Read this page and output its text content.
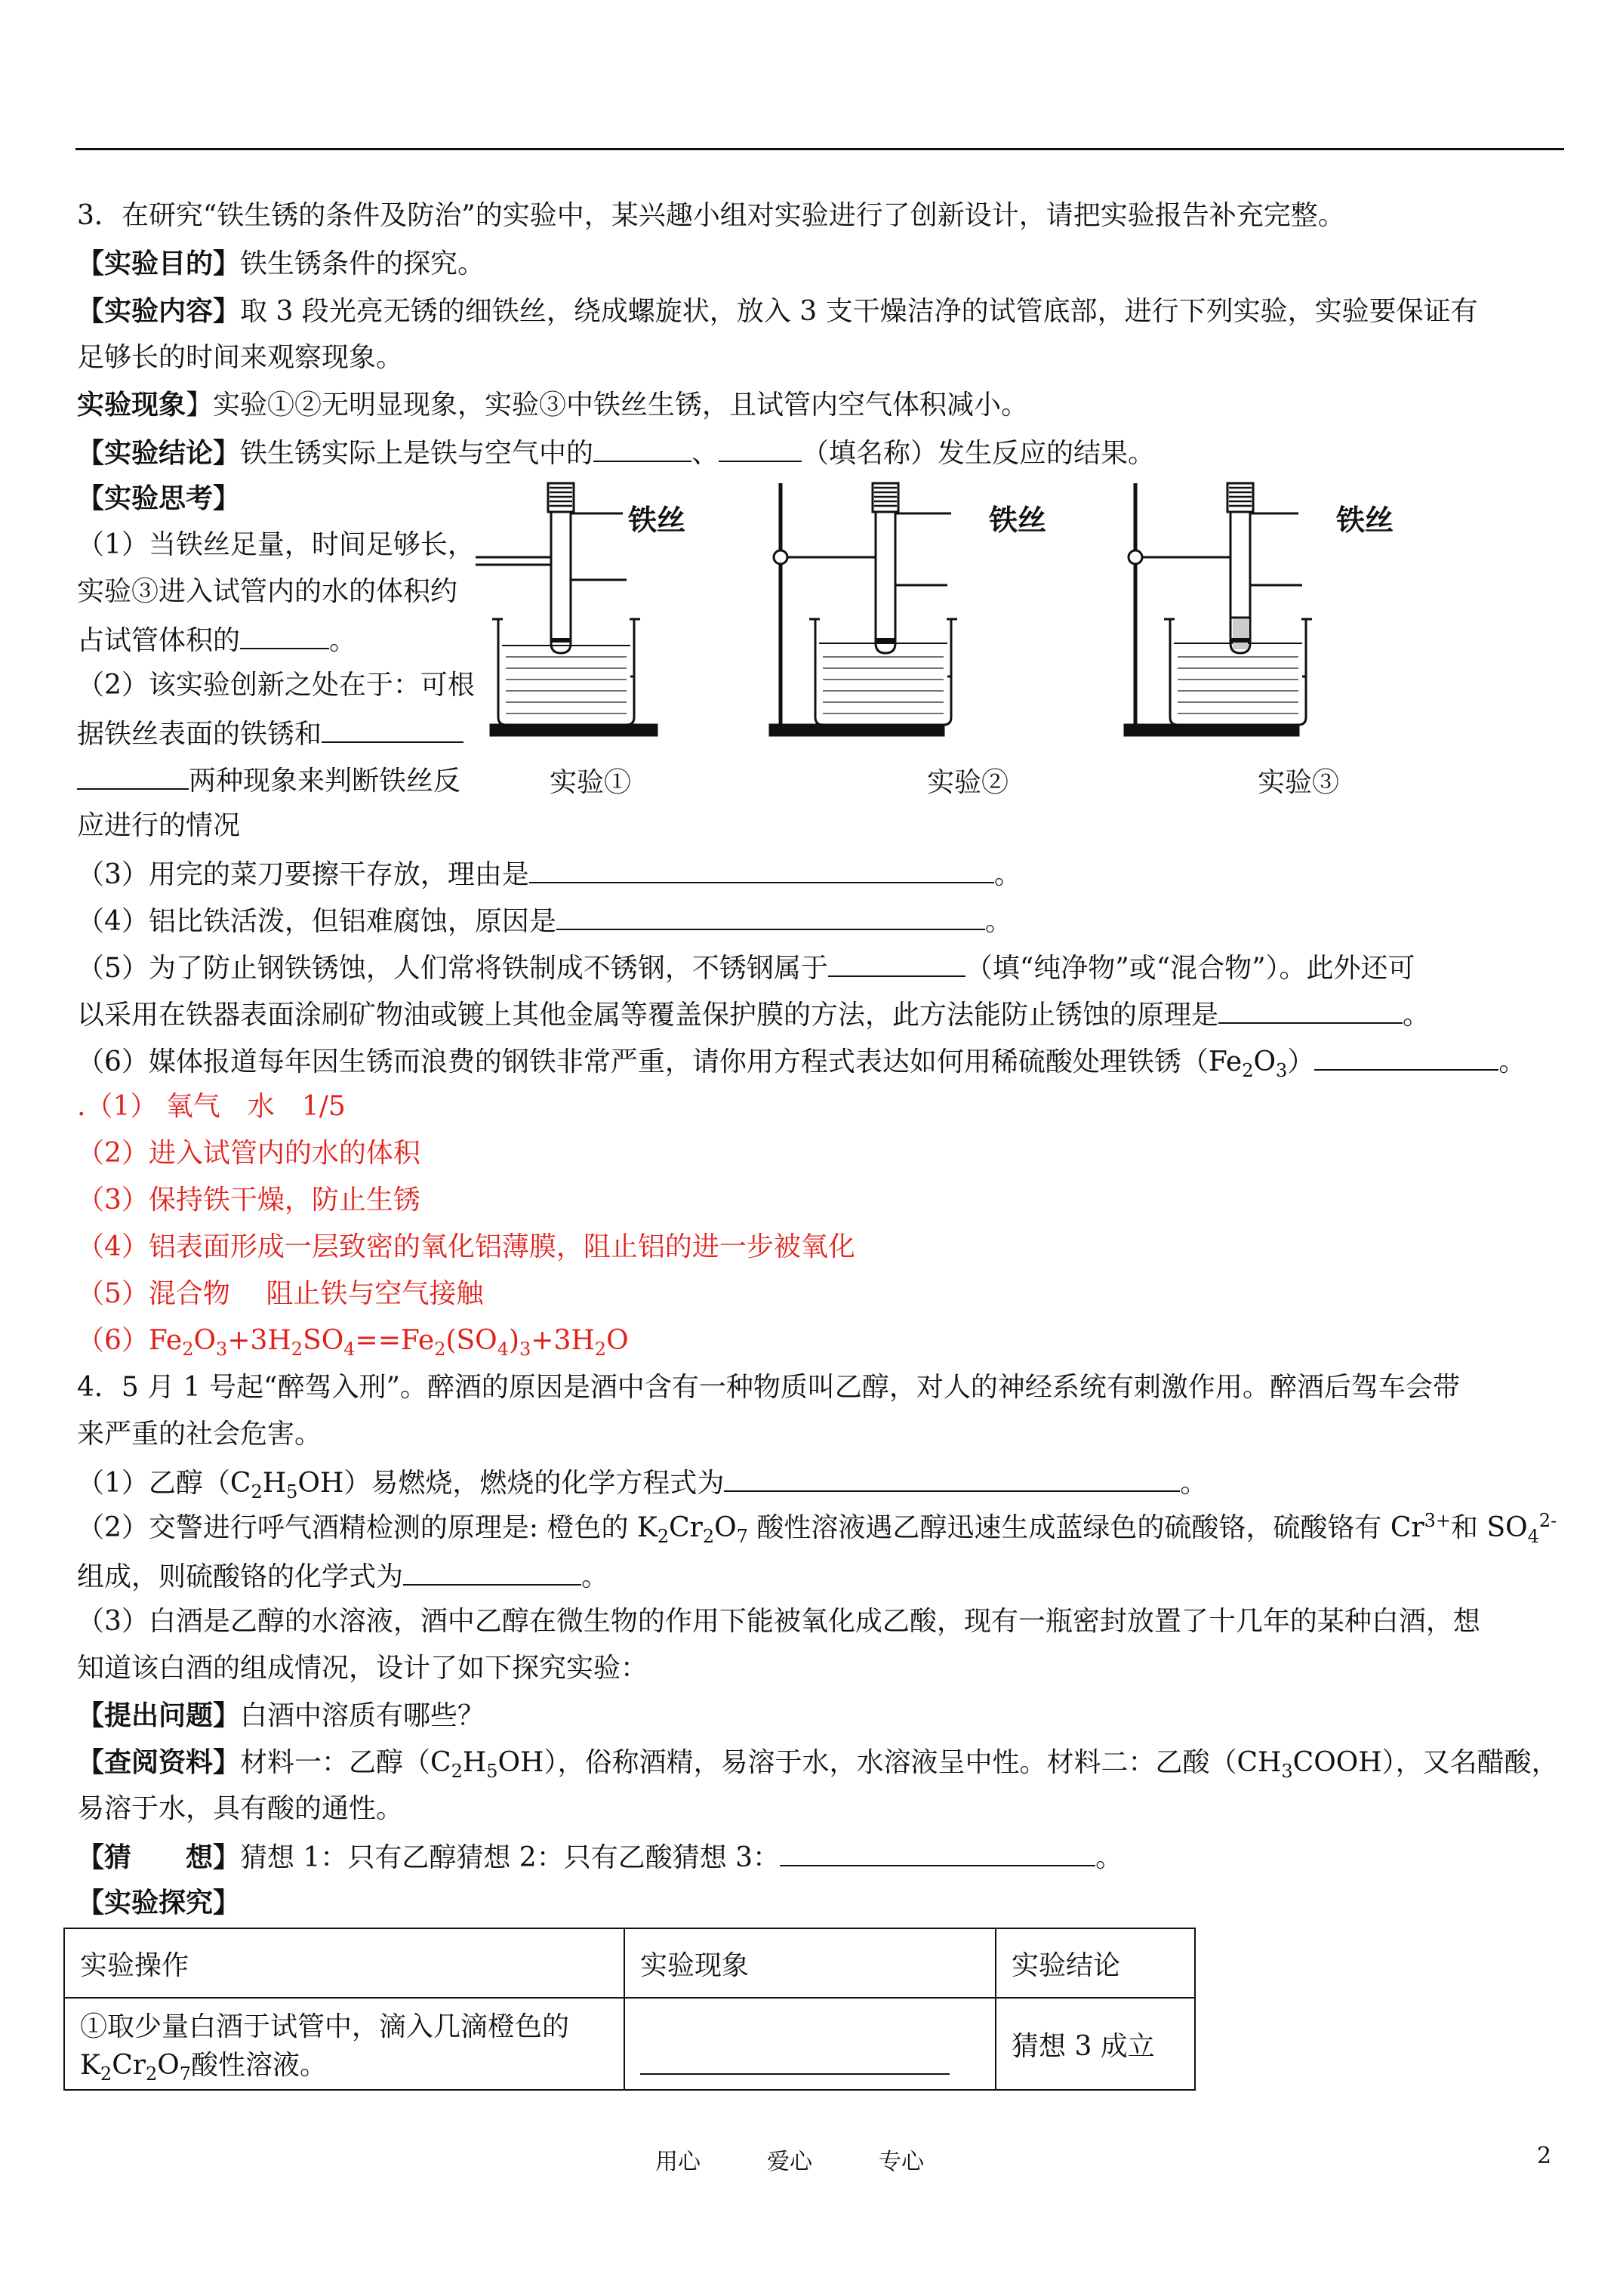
3．在研究“铁生锈的条件及防治”的实验中，某兴趣小组对实验进行了创新设计，请把实验报告补充完整。
【实验目的】铁生锈条件的探究。
【实验内容】取 3 段光亮无锈的细铁丝，绕成螺旋状，放入 3 支干燥洁净的试管底部，进行下列实验，实验要保证有
足够长的时间来观察现象。
实验现象】实验①②无明显现象，实验③中铁丝生锈，且试管内空气体积减小。
【实验结论】铁生锈实际上是铁与空气中的	、	（填名称）发生反应的结果。
【实验思考】
（1）当铁丝足量，时间足够长，
实验③进入试管内的水的体积约
占试管体积的	。
（2）该实验创新之处在于：可根
据铁丝表面的铁锈和
两种现象来判断铁丝反
应进行的情况
铁丝	铁丝	铁丝
实验①	实验②	实验③
（3）用完的菜刀要擦干存放，理由是	。
（4）铝比铁活泼，但铝难腐蚀，原因是	。
（5）为了防止钢铁锈蚀，人们常将铁制成不锈钢，不锈钢属于	（填“纯净物”或“混合物”）。此外还可
以采用在铁器表面涂刷矿物油或镀上其他金属等覆盖保护膜的方法，此方法能防止锈蚀的原理是	。
（6）媒体报道每年因生锈而浪费的钢铁非常严重，请你用方程式表达如何用稀硫酸处理铁锈$(Fe_2O_3)$	。
.（1） 氧气　水　1/5
（2）进入试管内的水的体积
（3）保持铁干燥，防止生锈
（4）铝表面形成一层致密的氧化铝薄膜，阻止铝的进一步被氧化
（5）混合物　 阻止铁与空气接触
$(6)Fe_2O_3+3H_2SO_4==Fe_2(SO_4)_3+3H_2O$
4．5 月 1 号起“醉驾入刑”。醉酒的原因是酒中含有一种物质叫乙醇，对人的神经系统有刺激作用。醉酒后驾车会带
来严重的社会危害。
（1）乙醇$(C_2H_5OH)$易燃烧，燃烧的化学方程式为	。
（2）交警进行呼气酒精检测的原理是: 橙色的 $K_2Cr_2O_7$ 酸性溶液遇乙醇迅速生成蓝绿色的硫酸铬，硫酸铬有 $Cr^{3+}$和 $SO_4^{2-}$
组成，则硫酸铬的化学式为	。
（3）白酒是乙醇的水溶液，酒中乙醇在微生物的作用下能被氧化成乙酸，现有一瓶密封放置了十几年的某种白酒，想
知道该白酒的组成情况，设计了如下探究实验：
【提出问题】白酒中溶质有哪些？
【查阅资料】材料一：乙醇$(C_2H_5OH)$，俗称酒精，易溶于水，水溶液呈中性。材料二：乙酸$(CH_3COOH)$，又名醋酸，
易溶于水，具有酸的通性。
【猜　　想】猜想 1：只有乙醇猜想 2：只有乙酸猜想 3：	。
【实验探究】
实验操作	实验现象	实验结论

①取少量白酒于试管中，滴入几滴橙色的
$K_2Cr_2O_7$酸性溶液。		猜想 3 成立
用心	爱心	专心	2
